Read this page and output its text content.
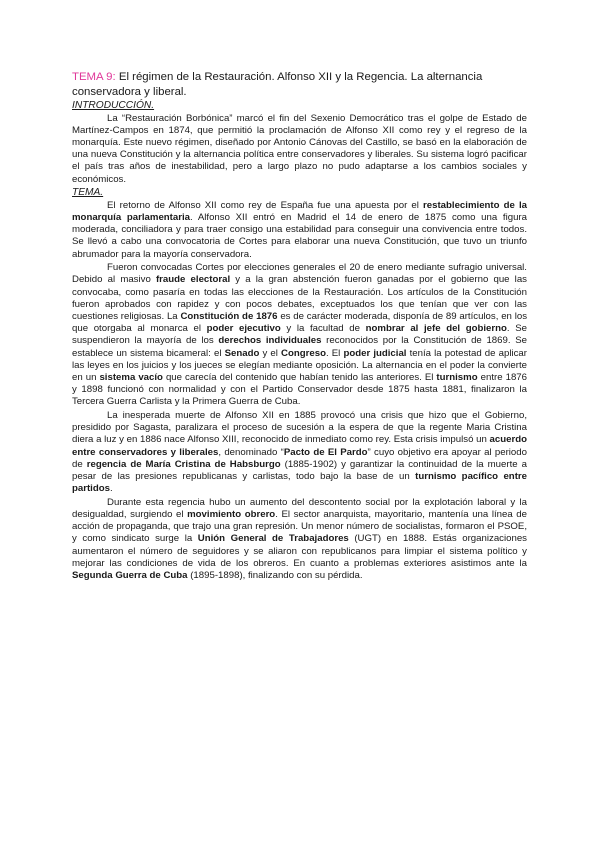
TEMA 9: El régimen de la Restauración. Alfonso XII y la Regencia. La alternancia conservadora y liberal.

INTRODUCCIÓN.

La “Restauración Borbónica” marcó el fin del Sexenio Democrático tras el golpe de Estado de Martínez-Campos en 1874, que permitió la proclamación de Alfonso XII como rey y el regreso de la monarquía. Este nuevo régimen, diseñado por Antonio Cánovas del Castillo, se basó en la elaboración de una nueva Constitución y la alternancia política entre conservadores y liberales. Su sistema logró pacificar el país tras años de inestabilidad, pero a largo plazo no pudo adaptarse a los cambios sociales y económicos.

TEMA.

El retorno de Alfonso XII como rey de España fue una apuesta por el restablecimiento de la monarquía parlamentaria. Alfonso XII entró en Madrid el 14 de enero de 1875 como una figura moderada, conciliadora y para traer consigo una estabilidad para conseguir una convivencia entre todos. Se llevó a cabo una convocatoria de Cortes para elaborar una nueva Constitución, que tuvo un triunfo abrumador para la mayoría conservadora.

Fueron convocadas Cortes por elecciones generales el 20 de enero mediante sufragio universal. Debido al masivo fraude electoral y a la gran abstención fueron ganadas por el gobierno que las convocaba, como pasaría en todas las elecciones de la Restauración. Los artículos de la Constitución fueron aprobados con rapidez y con pocos debates, exceptuados los que tenían que ver con las cuestiones religiosas. La Constitución de 1876 es de carácter moderada, disponía de 89 artículos, en los que otorgaba al monarca el poder ejecutivo y la facultad de nombrar al jefe del gobierno. Se suspendieron la mayoría de los derechos individuales reconocidos por la Constitución de 1869. Se establece un sistema bicameral: el Senado y el Congreso. El poder judicial tenía la potestad de aplicar las leyes en los juicios y los jueces se elegían mediante oposición. La alternancia en el poder la convierte en un sistema vacío que carecía del contenido que habían tenido las anteriores. El turnismo entre 1876 y 1898 funcionó con normalidad y con el Partido Conservador desde 1875 hasta 1881, finalizaron la Tercera Guerra Carlista y la Primera Guerra de Cuba.

La inesperada muerte de Alfonso XII en 1885 provocó una crisis que hizo que el Gobierno, presidido por Sagasta, paralizara el proceso de sucesión a la espera de que la regente Maria Cristina diera a luz y en 1886 nace Alfonso XIII, reconocido de inmediato como rey. Esta crisis impulsó un acuerdo entre conservadores y liberales, denominado “Pacto de El Pardo” cuyo objetivo era apoyar al periodo de regencia de María Cristina de Habsburgo (1885-1902) y garantizar la continuidad de la muerte a pesar de las presiones republicanas y carlistas, todo bajo la base de un turnismo pacífico entre partidos.

Durante esta regencia hubo un aumento del descontento social por la explotación laboral y la desigualdad, surgiendo el movimiento obrero. El sector anarquista, mayoritario, mantenía una línea de acción de propaganda, que trajo una gran represión. Un menor número de socialistas, formaron el PSOE, y como sindicato surge la Unión General de Trabajadores (UGT) en 1888. Estás organizaciones aumentaron el número de seguidores y se aliaron con republicanos para limpiar el sistema político y mejorar las condiciones de vida de los obreros. En cuanto a problemas exteriores asistimos ante la Segunda Guerra de Cuba (1895-1898), finalizando con su pérdida.
